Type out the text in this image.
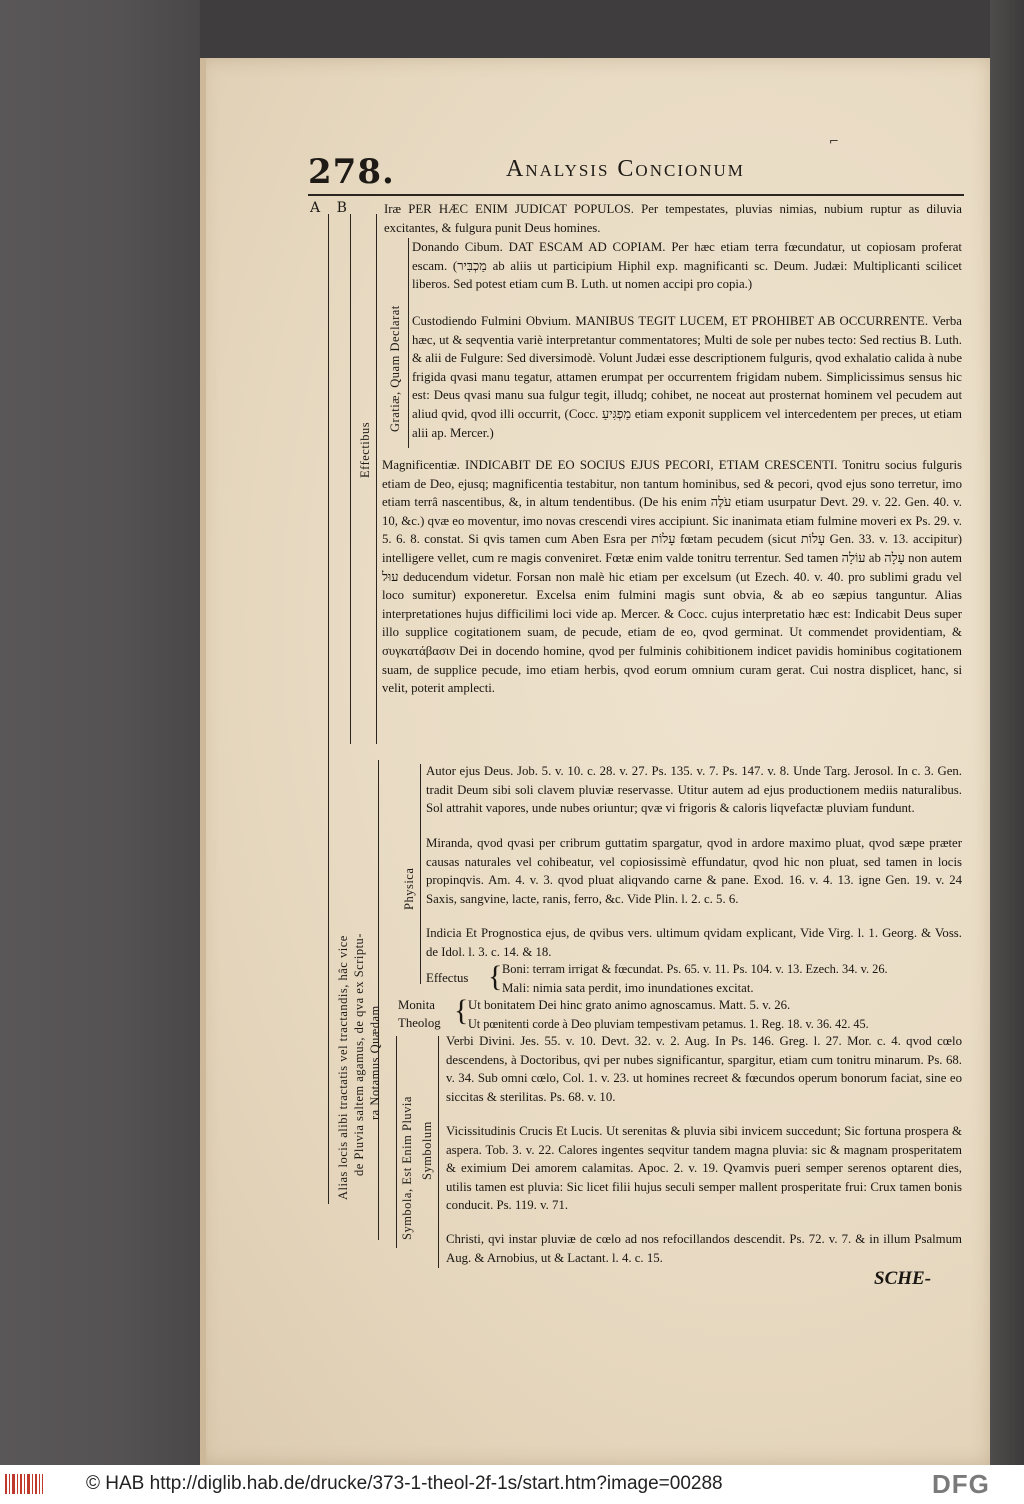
⌐
278.	Analysis Concionum
A B
Effectibus
Gratiæ, Quam Declarat
Physica
Alias locis alibi tractatis vel tractandis, hâc vice de Pluvia saltem agamus, de qva ex Scriptu- ra Notamus Quædam
Symbola, Est Enim Pluvia Symbolum

Iræ PER HÆC ENIM JUDICAT POPULOS. Per tempestates, pluvias nimias, nubium ruptur as diluvia excitantes, & fulgura punit Deus homines.

Donando Cibum. DAT ESCAM AD COPIAM. Per hæc etiam terra fœcundatur, ut copiosam proferat escam. (מַכְבִּיר ab aliis ut participium Hiphil exp. magnificanti sc. Deum. Judæi: Multiplicanti scilicet liberos. Sed potest etiam cum B. Luth. ut nomen accipi pro copia.)

Custodiendo Fulmini Obvium. MANIBUS TEGIT LUCEM, ET PROHIBET AB OCCURRENTE. Verba hæc, ut & seqventia variè interpretantur commentatores; Multi de sole per nubes tecto: Sed rectius B. Luth. & alii de Fulgure: Sed diversimodè. Volunt Judæi esse descriptionem fulguris, qvod exhalatio calida à nube frigida qvasi manu tegatur, attamen erumpat per occurrentem frigidam nubem. Simplicissimus sensus hic est: Deus qvasi manu sua fulgur tegit, illudq; cohibet, ne noceat aut prosternat hominem vel pecudem aut aliud qvid, qvod illi occurrit, (Cocc. מַפְגִּיעַ etiam exponit supplicem vel intercedentem per preces, ut etiam alii ap. Mercer.)

Magnificentiæ. INDICABIT DE EO SOCIUS EJUS PECORI, ETIAM CRESCENTI. Tonitru socius fulguris etiam de Deo, ejusq; magnificentia testabitur, non tantum hominibus, sed & pecori, qvod ejus sono terretur, imo etiam terrâ nascentibus, &, in altum tendentibus. (De his enim עֹלֶה etiam usurpatur Devt. 29. v. 22. Gen. 40. v. 10, &c.) qvæ eo moventur, imo novas crescendi vires accipiunt. Sic inanimata etiam fulmine moveri ex Ps. 29. v. 5. 6. 8. constat. Si qvis tamen cum Aben Esra per עָלוֹת fœtam pecudem (sicut עָלוֹת Gen. 33. v. 13. accipitur) intelligere vellet, cum re magis conveniret. Fœtæ enim valde tonitru terrentur. Sed tamen עוֹלָה ab עָלָה non autem עוּל deducendum videtur. Forsan non malè hic etiam per excelsum (ut Ezech. 40. v. 40. pro sublimi gradu vel loco sumitur) exponeretur. Excelsa enim fulmini magis sunt obvia, & ab eo sæpius tanguntur. Alias interpretationes hujus difficilimi loci vide ap. Mercer. & Cocc. cujus interpretatio hæc est: Indicabit Deus super illo supplice cogitationem suam, de pecude, etiam de eo, qvod germinat. Ut commendet providentiam, & συγκατάβασιν Dei in docendo homine, qvod per fulminis cohibitionem indicet pavidis hominibus cogitationem suam, de supplice pecude, imo etiam herbis, qvod eorum omnium curam gerat. Cui nostra displicet, hanc, si velit, poterit amplecti.

Autor ejus Deus. Job. 5. v. 10. c. 28. v. 27. Ps. 135. v. 7. Ps. 147. v. 8. Unde Targ. Jerosol. In c. 3. Gen. tradit Deum sibi soli clavem pluviæ reservasse. Utitur autem ad ejus productionem mediis naturalibus. Sol attrahit vapores, unde nubes oriuntur; qvæ vi frigoris & caloris liqvefactæ pluviam fundunt.

Miranda, qvod qvasi per cribrum guttatim spargatur, qvod in ardore maximo pluat, qvod sæpe præter causas naturales vel cohibeatur, vel copiosissimè effundatur, qvod hic non pluat, sed tamen in locis propinqvis. Am. 4. v. 3. qvod pluat aliqvando carne & pane. Exod. 16. v. 4. 13. igne Gen. 19. v. 24 Saxis, sangvine, lacte, ranis, ferro, &c. Vide Plin. l. 2. c. 5. 6.

Indicia Et Prognostica ejus, de qvibus vers. ultimum qvidam explicant, Vide Virg. l. 1. Georg. & Voss. de Idol. l. 3. c. 14. & 18.

Effectus { Boni: terram irrigat & fœcundat. Ps. 65. v. 11. Ps. 104. v. 13. Ezech. 34. v. 26.

Mali: nimia sata perdit, imo inundationes excitat.

Monita
Theolog { Ut bonitatem Dei hinc grato animo agnoscamus. Matt. 5. v. 26.

Ut pœnitenti corde à Deo pluviam tempestivam petamus. 1. Reg. 18. v. 36. 42. 45.

Verbi Divini. Jes. 55. v. 10. Devt. 32. v. 2. Aug. In Ps. 146. Greg. l. 27. Mor. c. 4. qvod cœlo descendens, à Doctoribus, qvi per nubes significantur, spargitur, etiam cum tonitru minarum. Ps. 68. v. 34. Sub omni cœlo, Col. 1. v. 23. ut homines recreet & fœcundos operum bonorum faciat, sine eo siccitas & sterilitas. Ps. 68. v. 10.

Vicissitudinis Crucis Et Lucis. Ut serenitas & pluvia sibi invicem succedunt; Sic fortuna prospera & aspera. Tob. 3. v. 22. Calores ingentes seqvitur tandem magna pluvia: sic & magnam prosperitatem & eximium Dei amorem calamitas. Apoc. 2. v. 19. Qvamvis pueri semper serenos optarent dies, utilis tamen est pluvia: Sic licet filii hujus seculi semper mallent prosperitate frui: Crux tamen bonis conducit. Ps. 119. v. 71.

Christi, qvi instar pluviæ de cœlo ad nos refocillandos descendit. Ps. 72. v. 7. & in illum Psalmum Aug. & Arnobius, ut & Lactant. l. 4. c. 15.

SCHE-
© HAB http://diglib.hab.de/drucke/373-1-theol-2f-1s/start.htm?image=00288	DFG
